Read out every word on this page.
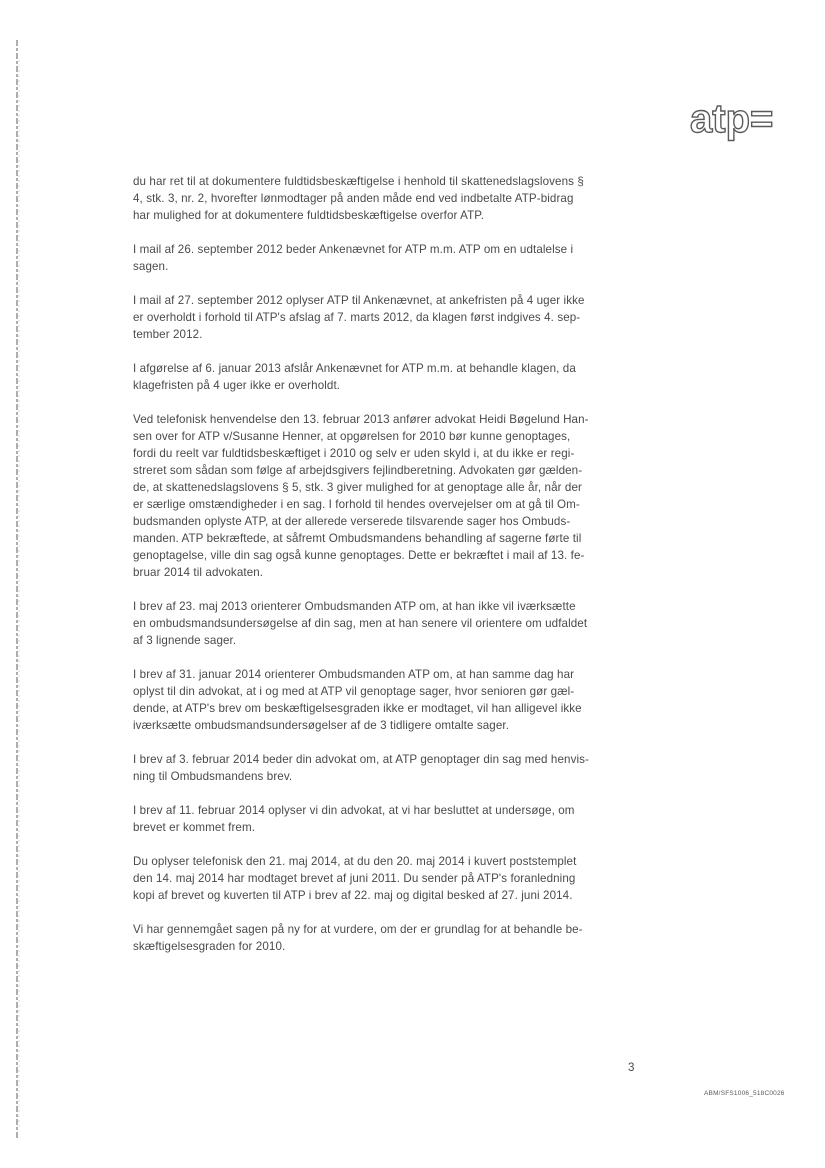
atp=

du har ret til at dokumentere fuldtidsbeskæftigelse i henhold til skattenedslagslovens §
4, stk. 3, nr. 2, hvorefter lønmodtager på anden måde end ved indbetalte ATP-bidrag
har mulighed for at dokumentere fuldtidsbeskæftigelse overfor ATP.

I mail af 26. september 2012 beder Ankenævnet for ATP m.m. ATP om en udtalelse i
sagen.

I mail af 27. september 2012 oplyser ATP til Ankenævnet, at ankefristen på 4 uger ikke
er overholdt i forhold til ATP's afslag af 7. marts 2012, da klagen først indgives 4. sep-
tember 2012.

I afgørelse af 6. januar 2013 afslår Ankenævnet for ATP m.m. at behandle klagen, da
klagefristen på 4 uger ikke er overholdt.

Ved telefonisk henvendelse den 13. februar 2013 anfører advokat Heidi Bøgelund Han-
sen over for ATP v/Susanne Henner, at opgørelsen for 2010 bør kunne genoptages,
fordi du reelt var fuldtidsbeskæftiget i 2010 og selv er uden skyld i, at du ikke er regi-
streret som sådan som følge af arbejdsgivers fejlindberetning. Advokaten gør gælden-
de, at skattenedslagslovens § 5, stk. 3 giver mulighed for at genoptage alle år, når der
er særlige omstændigheder i en sag. I forhold til hendes overvejelser om at gå til Om-
budsmanden oplyste ATP, at der allerede verserede tilsvarende sager hos Ombuds-
manden. ATP bekræftede, at såfremt Ombudsmandens behandling af sagerne førte til
genoptagelse, ville din sag også kunne genoptages. Dette er bekræftet i mail af 13. fe-
bruar 2014 til advokaten.

I brev af 23. maj 2013 orienterer Ombudsmanden ATP om, at han ikke vil iværksætte
en ombudsmandsundersøgelse af din sag, men at han senere vil orientere om udfaldet
af 3 lignende sager.

I brev af 31. januar 2014 orienterer Ombudsmanden ATP om, at han samme dag har
oplyst til din advokat, at i og med at ATP vil genoptage sager, hvor senioren gør gæl-
dende, at ATP's brev om beskæftigelsesgraden ikke er modtaget, vil han alligevel ikke
iværksætte ombudsmandsundersøgelser af de 3 tidligere omtalte sager.

I brev af 3. februar 2014 beder din advokat om, at ATP genoptager din sag med henvis-
ning til Ombudsmandens brev.

I brev af 11. februar 2014 oplyser vi din advokat, at vi har besluttet at undersøge, om
brevet er kommet frem.

Du oplyser telefonisk den 21. maj 2014, at du den 20. maj 2014 i kuvert poststemplet
den 14. maj 2014 har modtaget brevet af juni 2011. Du sender på ATP's foranledning
kopi af brevet og kuverten til ATP i brev af 22. maj og digital besked af 27. juni 2014.

Vi har gennemgået sagen på ny for at vurdere, om der er grundlag for at behandle be-
skæftigelsesgraden for 2010.

3
ABM/SFS1006_518C0026
